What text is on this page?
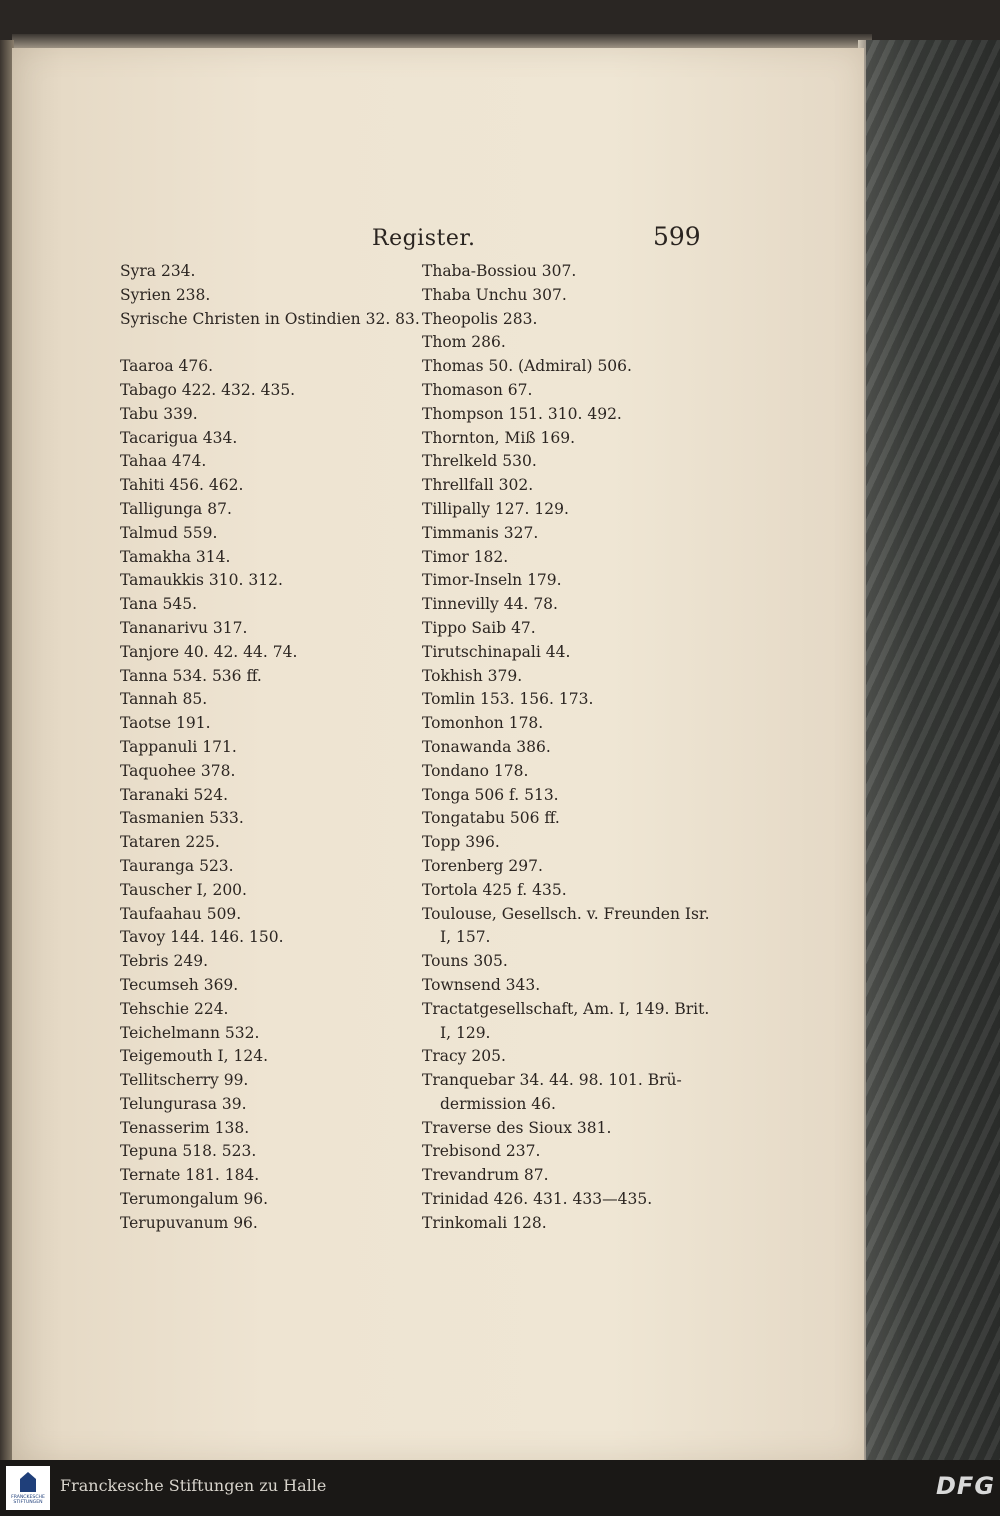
Register.	599
Syra 234.
Syrien 238.
Syrische Christen in Ostindien 32. 83.
Taaroa 476.
Tabago 422. 432. 435.
Tabu 339.
Tacarigua 434.
Tahaa 474.
Tahiti 456. 462.
Talligunga 87.
Talmud 559.
Tamakha 314.
Tamaukkis 310. 312.
Tana 545.
Tananarivu 317.
Tanjore 40. 42. 44. 74.
Tanna 534. 536 ff.
Tannah 85.
Taotse 191.
Tappanuli 171.
Taquohee 378.
Taranaki 524.
Tasmanien 533.
Tataren 225.
Tauranga 523.
Tauscher I, 200.
Taufaahau 509.
Tavoy 144. 146. 150.
Tebris 249.
Tecumseh 369.
Tehschie 224.
Teichelmann 532.
Teigemouth I, 124.
Tellitscherry 99.
Telungurasa 39.
Tenasserim 138.
Tepuna 518. 523.
Ternate 181. 184.
Terumongalum 96.
Terupuvanum 96.
Thaba-Bossiou 307.
Thaba Unchu 307.
Theopolis 283.
Thom 286.
Thomas 50. (Admiral) 506.
Thomason 67.
Thompson 151. 310. 492.
Thornton, Miß 169.
Threlkeld 530.
Threllfall 302.
Tillipally 127. 129.
Timmanis 327.
Timor 182.
Timor-Inseln 179.
Tinnevilly 44. 78.
Tippo Saib 47.
Tirutschinapali 44.
Tokhish 379.
Tomlin 153. 156. 173.
Tomonhon 178.
Tonawanda 386.
Tondano 178.
Tonga 506 f. 513.
Tongatabu 506 ff.
Topp 396.
Torenberg 297.
Tortola 425 f. 435.
Toulouse, Gesellsch. v. Freunden Isr.
I, 157.
Touns 305.
Townsend 343.
Tractatgesellschaft, Am. I, 149. Brit.
I, 129.
Tracy 205.
Tranquebar 34. 44. 98. 101. Brü-
dermission 46.
Traverse des Sioux 381.
Trebisond 237.
Trevandrum 87.
Trinidad 426. 431. 433—435.
Trinkomali 128.
FRANCKESCHE STIFTUNGEN
Franckesche Stiftungen zu Halle	DFG
